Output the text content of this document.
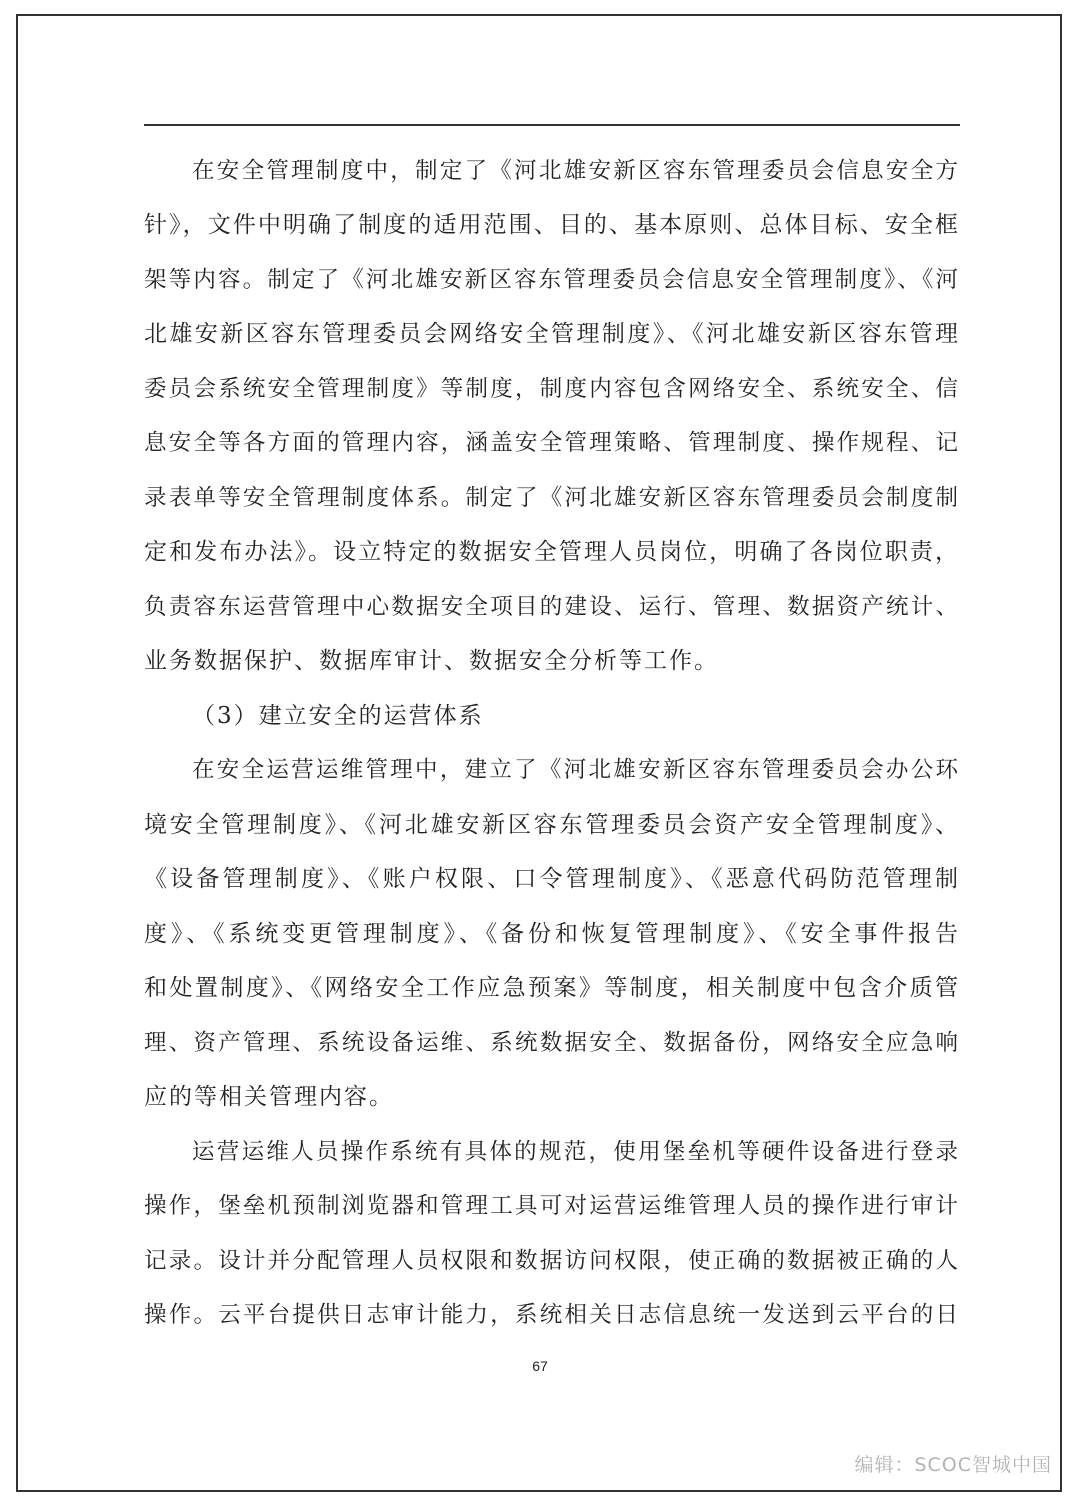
在安全管理制度中，制定了《河北雄安新区容东管理委员会信息安全方
针》，文件中明确了制度的适用范围、目的、基本原则、总体目标、安全框
架等内容。制定了《河北雄安新区容东管理委员会信息安全管理制度》、《河
北雄安新区容东管理委员会网络安全管理制度》、《河北雄安新区容东管理
委员会系统安全管理制度》等制度，制度内容包含网络安全、系统安全、信
息安全等各方面的管理内容，涵盖安全管理策略、管理制度、操作规程、记
录表单等安全管理制度体系。制定了《河北雄安新区容东管理委员会制度制
定和发布办法》。设立特定的数据安全管理人员岗位，明确了各岗位职责，
负责容东运营管理中心数据安全项目的建设、运行、管理、数据资产统计、
业务数据保护、数据库审计、数据安全分析等工作。
（3）建立安全的运营体系
在安全运营运维管理中，建立了《河北雄安新区容东管理委员会办公环
境安全管理制度》、《河北雄安新区容东管理委员会资产安全管理制度》、
《设备管理制度》、《账户权限、口令管理制度》、《恶意代码防范管理制
度》、《系统变更管理制度》、《备份和恢复管理制度》、《安全事件报告
和处置制度》、《网络安全工作应急预案》等制度，相关制度中包含介质管
理、资产管理、系统设备运维、系统数据安全、数据备份，网络安全应急响
应的等相关管理内容。
运营运维人员操作系统有具体的规范，使用堡垒机等硬件设备进行登录
操作，堡垒机预制浏览器和管理工具可对运营运维管理人员的操作进行审计
记录。设计并分配管理人员权限和数据访问权限，使正确的数据被正确的人
操作。云平台提供日志审计能力，系统相关日志信息统一发送到云平台的日
67
编辑：SCOC智城中国
